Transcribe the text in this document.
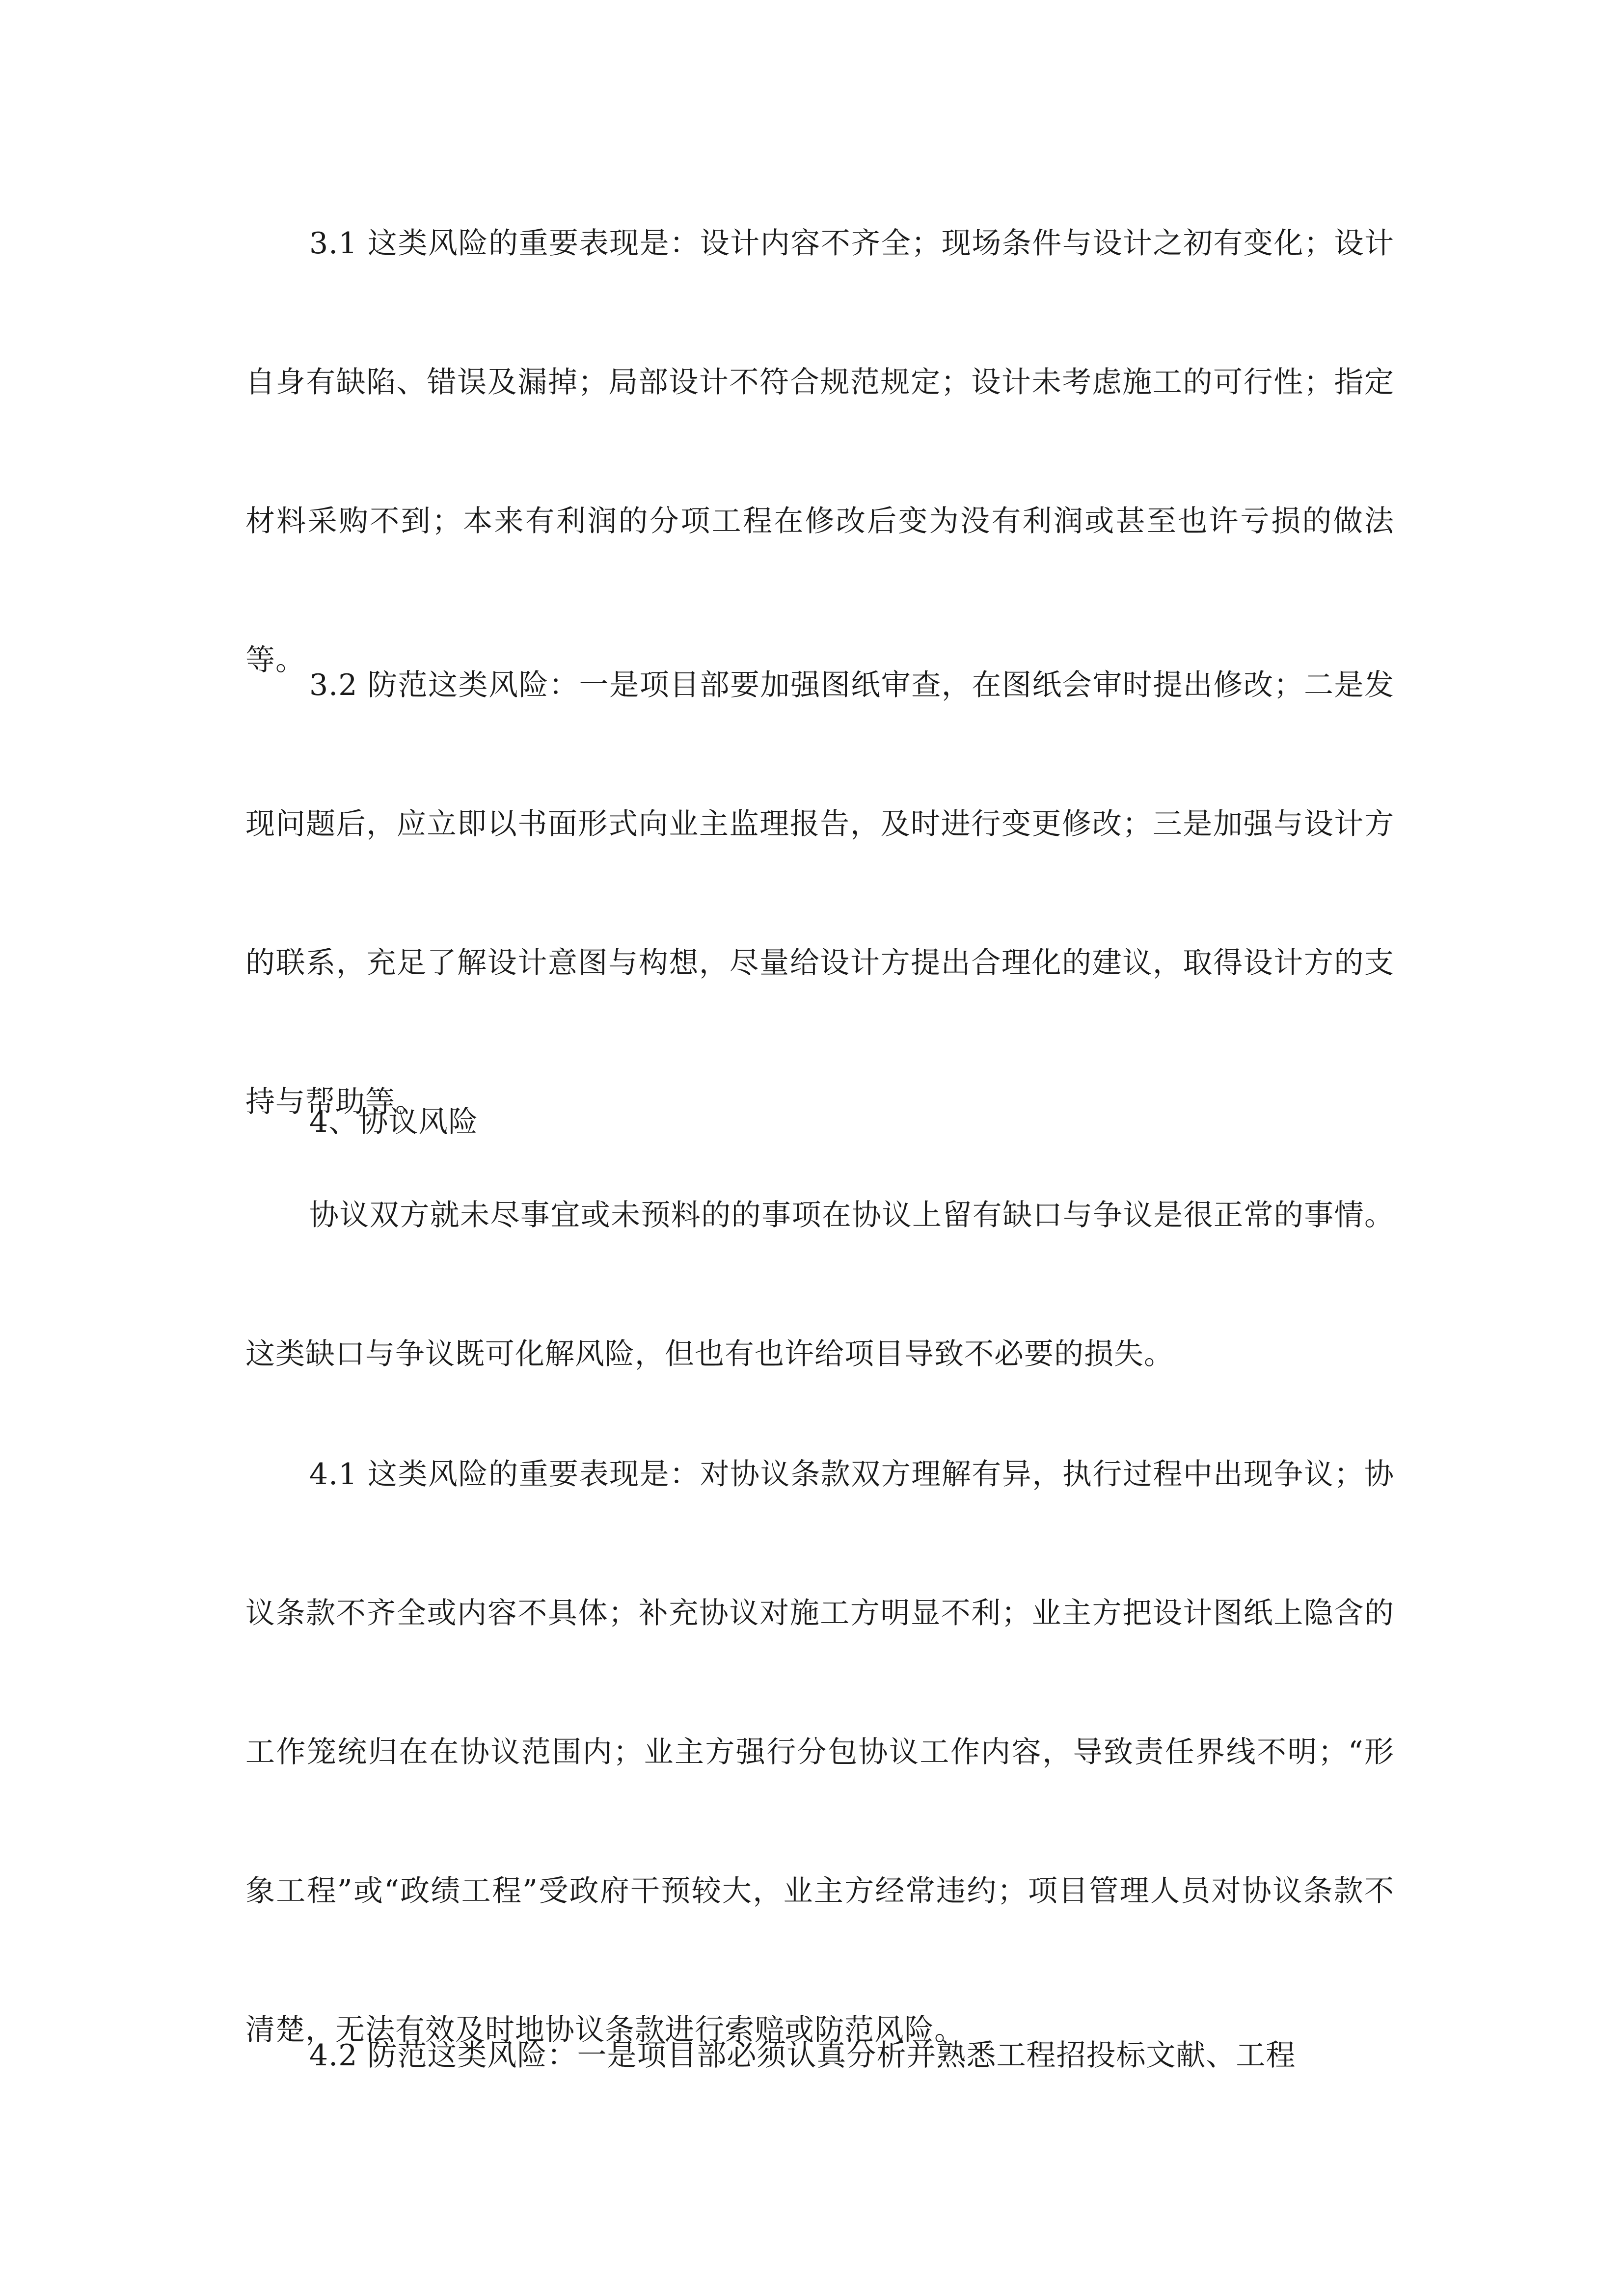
3.1 这类风险的重要表现是：设计内容不齐全；现场条件与设计之初有变化；设计自身有缺陷、错误及漏掉；局部设计不符合规范规定；设计未考虑施工的可行性；指定材料采购不到；本来有利润的分项工程在修改后变为没有利润或甚至也许亏损的做法等。

3.2 防范这类风险：一是项目部要加强图纸审查，在图纸会审时提出修改；二是发现问题后，应立即以书面形式向业主监理报告，及时进行变更修改；三是加强与设计方的联系，充足了解设计意图与构想，尽量给设计方提出合理化的建议，取得设计方的支持与帮助等。

4、协议风险

协议双方就未尽事宜或未预料的的事项在协议上留有缺口与争议是很正常的事情。这类缺口与争议既可化解风险，但也有也许给项目导致不必要的损失。

4.1 这类风险的重要表现是：对协议条款双方理解有异，执行过程中出现争议；协议条款不齐全或内容不具体；补充协议对施工方明显不利；业主方把设计图纸上隐含的工作笼统归在在协议范围内；业主方强行分包协议工作内容，导致责任界线不明；“形象工程”或“政绩工程”受政府干预较大，业主方经常违约；项目管理人员对协议条款不清楚，无法有效及时地协议条款进行索赔或防范风险。

4.2 防范这类风险：一是项目部必须认真分析并熟悉工程招投标文献、工程
